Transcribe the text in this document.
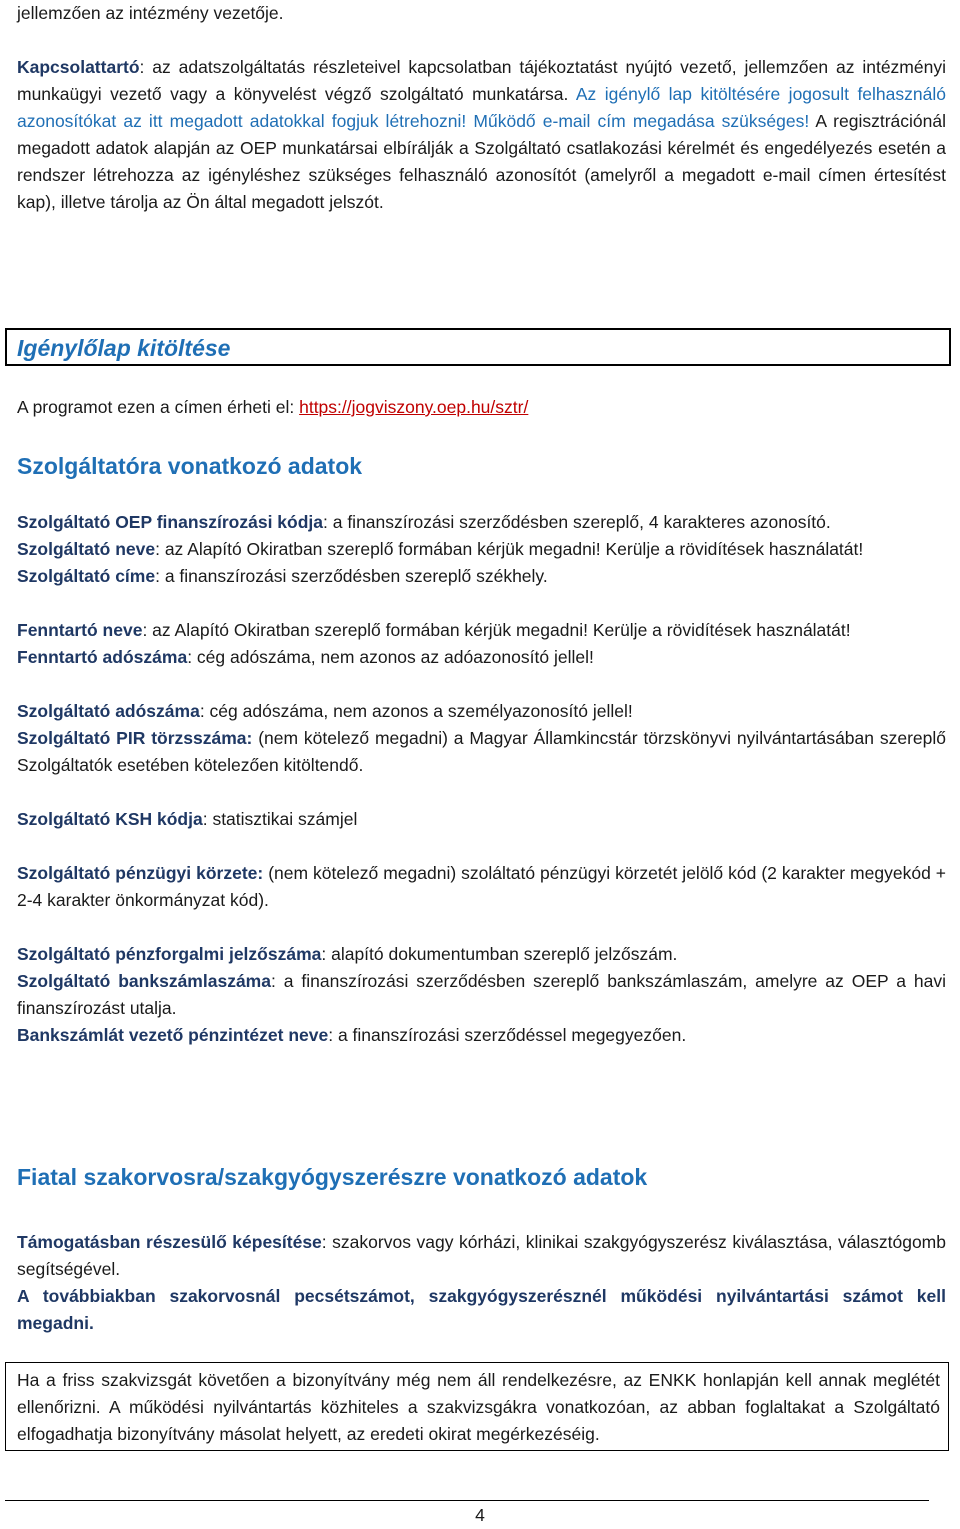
jellemzően az intézmény vezetője.

Kapcsolattartó: az adatszolgáltatás részleteivel kapcsolatban tájékoztatást nyújtó vezető, jellemzően az intézményi munkaügyi vezető vagy a könyvelést végző szolgáltató munkatársa. Az igénylő lap kitöltésére jogosult felhasználó azonosítókat az itt megadott adatokkal fogjuk létrehozni! Működő e-mail cím megadása szükséges! A regisztrációnál megadott adatok alapján az OEP munkatársai elbírálják a Szolgáltató csatlakozási kérelmét és engedélyezés esetén a rendszer létrehozza az igényléshez szükséges felhasználó azonosítót (amelyről a megadott e-mail címen értesítést kap), illetve tárolja az Ön által megadott jelszót.

Igénylőlap kitöltése

A programot ezen a címen érheti el: https://jogviszony.oep.hu/sztr/

Szolgáltatóra vonatkozó adatok

Szolgáltató OEP finanszírozási kódja: a finanszírozási szerződésben szereplő, 4 karakteres azonosító.

Szolgáltató neve: az Alapító Okiratban szereplő formában kérjük megadni! Kerülje a rövidítések használatát!

Szolgáltató címe: a finanszírozási szerződésben szereplő székhely.

Fenntartó neve: az Alapító Okiratban szereplő formában kérjük megadni! Kerülje a rövidítések használatát!

Fenntartó adószáma: cég adószáma, nem azonos az adóazonosító jellel!

Szolgáltató adószáma: cég adószáma, nem azonos a személyazonosító jellel!

Szolgáltató PIR törzsszáma: (nem kötelező megadni) a Magyar Államkincstár törzskönyvi nyilvántartásában szereplő Szolgáltatók esetében kötelezően kitöltendő.

Szolgáltató KSH kódja: statisztikai számjel

Szolgáltató pénzügyi körzete: (nem kötelező megadni) szoláltató pénzügyi körzetét jelölő kód (2 karakter megyekód + 2-4 karakter önkormányzat kód).

Szolgáltató pénzforgalmi jelzőszáma: alapító dokumentumban szereplő jelzőszám.

Szolgáltató bankszámlaszáma: a finanszírozási szerződésben szereplő bankszámlaszám, amelyre az OEP a havi finanszírozást utalja.

Bankszámlát vezető pénzintézet neve: a finanszírozási szerződéssel megegyezően.

Fiatal szakorvosra/szakgyógyszerészre vonatkozó adatok

Támogatásban részesülő képesítése: szakorvos vagy kórházi, klinikai szakgyógyszerész kiválasztása, választógomb segítségével.

A továbbiakban szakorvosnál pecsétszámot, szakgyógyszerésznél működési nyilvántartási számot kell megadni.

Ha a friss szakvizsgát követően a bizonyítvány még nem áll rendelkezésre, az ENKK honlapján kell annak meglétét ellenőrizni. A működési nyilvántartás közhiteles a szakvizsgákra vonatkozóan, az abban foglaltakat a Szolgáltató elfogadhatja bizonyítvány másolat helyett, az eredeti okirat megérkezéséig.

4
